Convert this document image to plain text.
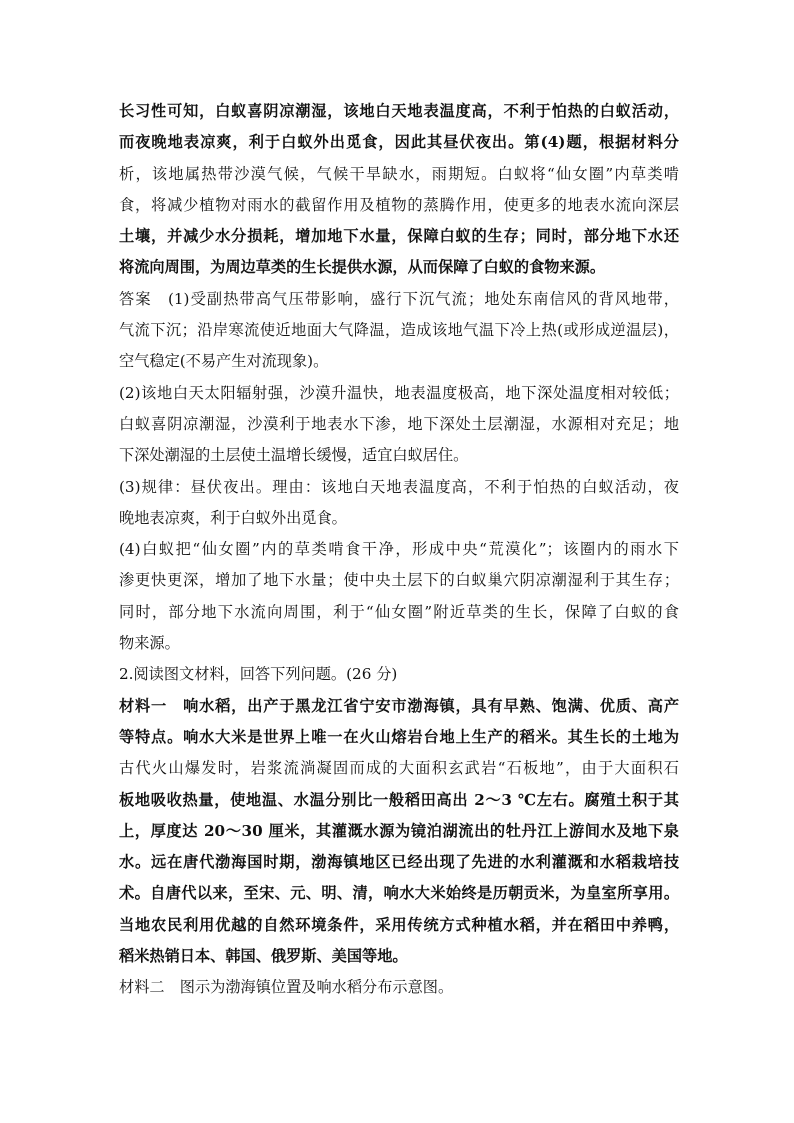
长习性可知，白蚁喜阴凉潮湿，该地白天地表温度高，不利于怕热的白蚁活动，
而夜晚地表凉爽，利于白蚁外出觅食，因此其昼伏夜出。第(4)题，根据材料分
析，该地属热带沙漠气候，气候干旱缺水，雨期短。白蚁将“仙女圈”内草类啃
食，将减少植物对雨水的截留作用及植物的蒸腾作用，使更多的地表水流向深层
土壤，并减少水分损耗，增加地下水量，保障白蚁的生存；同时，部分地下水还
将流向周围，为周边草类的生长提供水源，从而保障了白蚁的食物来源。
答案　(1)受副热带高气压带影响，盛行下沉气流；地处东南信风的背风地带，
气流下沉；沿岸寒流使近地面大气降温，造成该地气温下冷上热(或形成逆温层)，
空气稳定(不易产生对流现象)。
(2)该地白天太阳辐射强，沙漠升温快，地表温度极高，地下深处温度相对较低；
白蚁喜阴凉潮湿，沙漠利于地表水下渗，地下深处土层潮湿，水源相对充足；地
下深处潮湿的土层使土温增长缓慢，适宜白蚁居住。
(3)规律：昼伏夜出。理由：该地白天地表温度高，不利于怕热的白蚁活动，夜
晚地表凉爽，利于白蚁外出觅食。
(4)白蚁把“仙女圈”内的草类啃食干净，形成中央“荒漠化”；该圈内的雨水下
渗更快更深，增加了地下水量；使中央土层下的白蚁巢穴阴凉潮湿利于其生存；
同时，部分地下水流向周围，利于“仙女圈”附近草类的生长，保障了白蚁的食
物来源。
2.阅读图文材料，回答下列问题。(26 分)
材料一　响水稻，出产于黑龙江省宁安市渤海镇，具有早熟、饱满、优质、高产
等特点。响水大米是世界上唯一在火山熔岩台地上生产的稻米。其生长的土地为
古代火山爆发时，岩浆流淌凝固而成的大面积玄武岩“石板地”，由于大面积石
板地吸收热量，使地温、水温分别比一般稻田高出 2～3 ℃左右。腐殖土积于其
上，厚度达 20～30 厘米，其灌溉水源为镜泊湖流出的牡丹江上游间水及地下泉
水。远在唐代渤海国时期，渤海镇地区已经出现了先进的水利灌溉和水稻栽培技
术。自唐代以来，至宋、元、明、清，响水大米始终是历朝贡米，为皇室所享用。
当地农民利用优越的自然环境条件，采用传统方式种植水稻，并在稻田中养鸭，
稻米热销日本、韩国、俄罗斯、美国等地。
材料二　图示为渤海镇位置及响水稻分布示意图。
